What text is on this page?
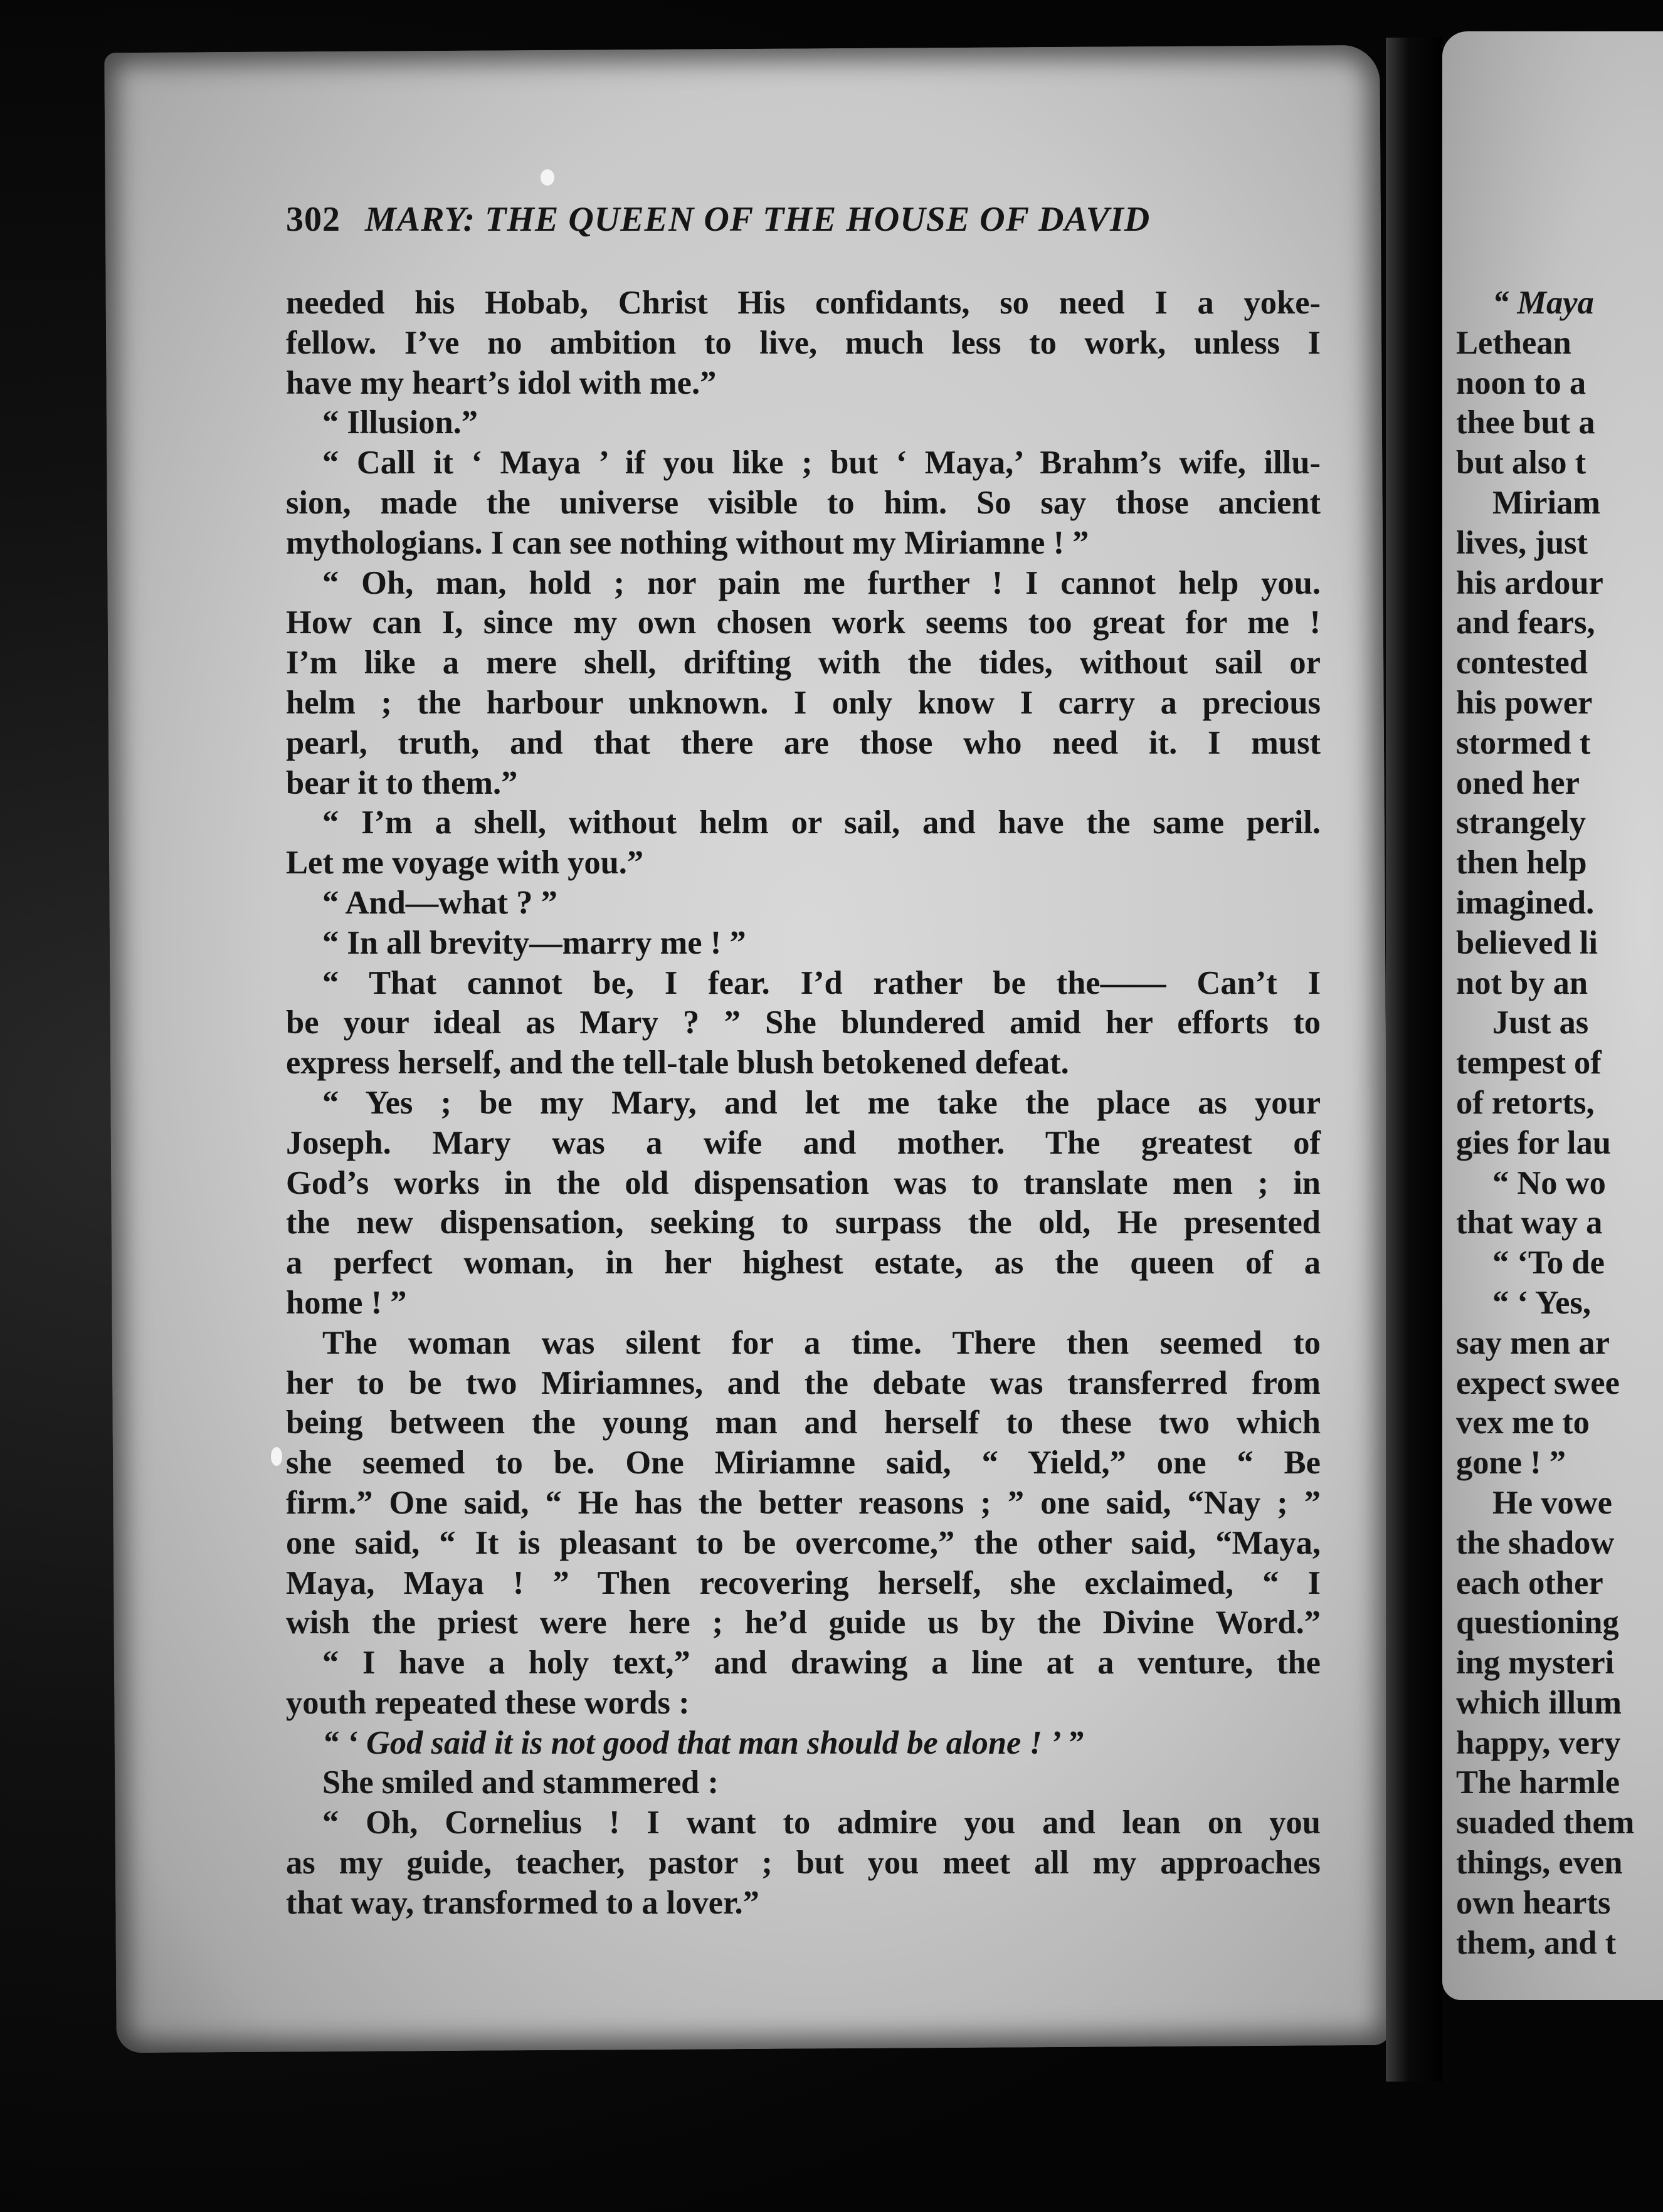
302 MARY: THE QUEEN OF THE HOUSE OF DAVID
needed his Hobab, Christ His confidants, so need I a yoke-
fellow. I’ve no ambition to live, much less to work, unless I
have my heart’s idol with me.”
“ Illusion.”
“ Call it ‘ Maya ’ if you like ; but ‘ Maya,’ Brahm’s wife, illu-
sion, made the universe visible to him. So say those ancient
mythologians. I can see nothing without my Miriamne ! ”
“ Oh, man, hold ; nor pain me further ! I cannot help you.
How can I, since my own chosen work seems too great for me !
I’m like a mere shell, drifting with the tides, without sail or
helm ; the harbour unknown. I only know I carry a precious
pearl, truth, and that there are those who need it. I must
bear it to them.”
“ I’m a shell, without helm or sail, and have the same peril.
Let me voyage with you.”
“ And—what ? ”
“ In all brevity—marry me ! ”
“ That cannot be, I fear. I’d rather be the—— Can’t I
be your ideal as Mary ? ” She blundered amid her efforts to
express herself, and the tell-tale blush betokened defeat.
“ Yes ; be my Mary, and let me take the place as your
Joseph. Mary was a wife and mother. The greatest of
God’s works in the old dispensation was to translate men ; in
the new dispensation, seeking to surpass the old, He presented
a perfect woman, in her highest estate, as the queen of a
home ! ”
The woman was silent for a time. There then seemed to
her to be two Miriamnes, and the debate was transferred from
being between the young man and herself to these two which
she seemed to be. One Miriamne said, “ Yield,” one “ Be
firm.” One said, “ He has the better reasons ; ” one said, “Nay ; ”
one said, “ It is pleasant to be overcome,” the other said, “Maya,
Maya, Maya ! ” Then recovering herself, she exclaimed, “ I
wish the priest were here ; he’d guide us by the Divine Word.”
“ I have a holy text,” and drawing a line at a venture, the
youth repeated these words :
“ ‘ God said it is not good that man should be alone ! ’ ”
She smiled and stammered :
“ Oh, Cornelius ! I want to admire you and lean on you
as my guide, teacher, pastor ; but you meet all my approaches
that way, transformed to a lover.”
“ Maya
Lethean
noon to a
thee but a
but also t
Miriam
lives, just
his ardour
and fears,
contested
his power
stormed t
oned her
strangely
then help
imagined.
believed li
not by an
Just as
tempest of
of retorts,
gies for lau
“ No wo
that way a
“ ‘To de
“ ‘ Yes,
say men ar
expect swee
vex me to
gone ! ”
He vowe
the shadow
each other
questioning
ing mysteri
which illum
happy, very
The harmle
suaded them
things, even
own hearts
them, and t
